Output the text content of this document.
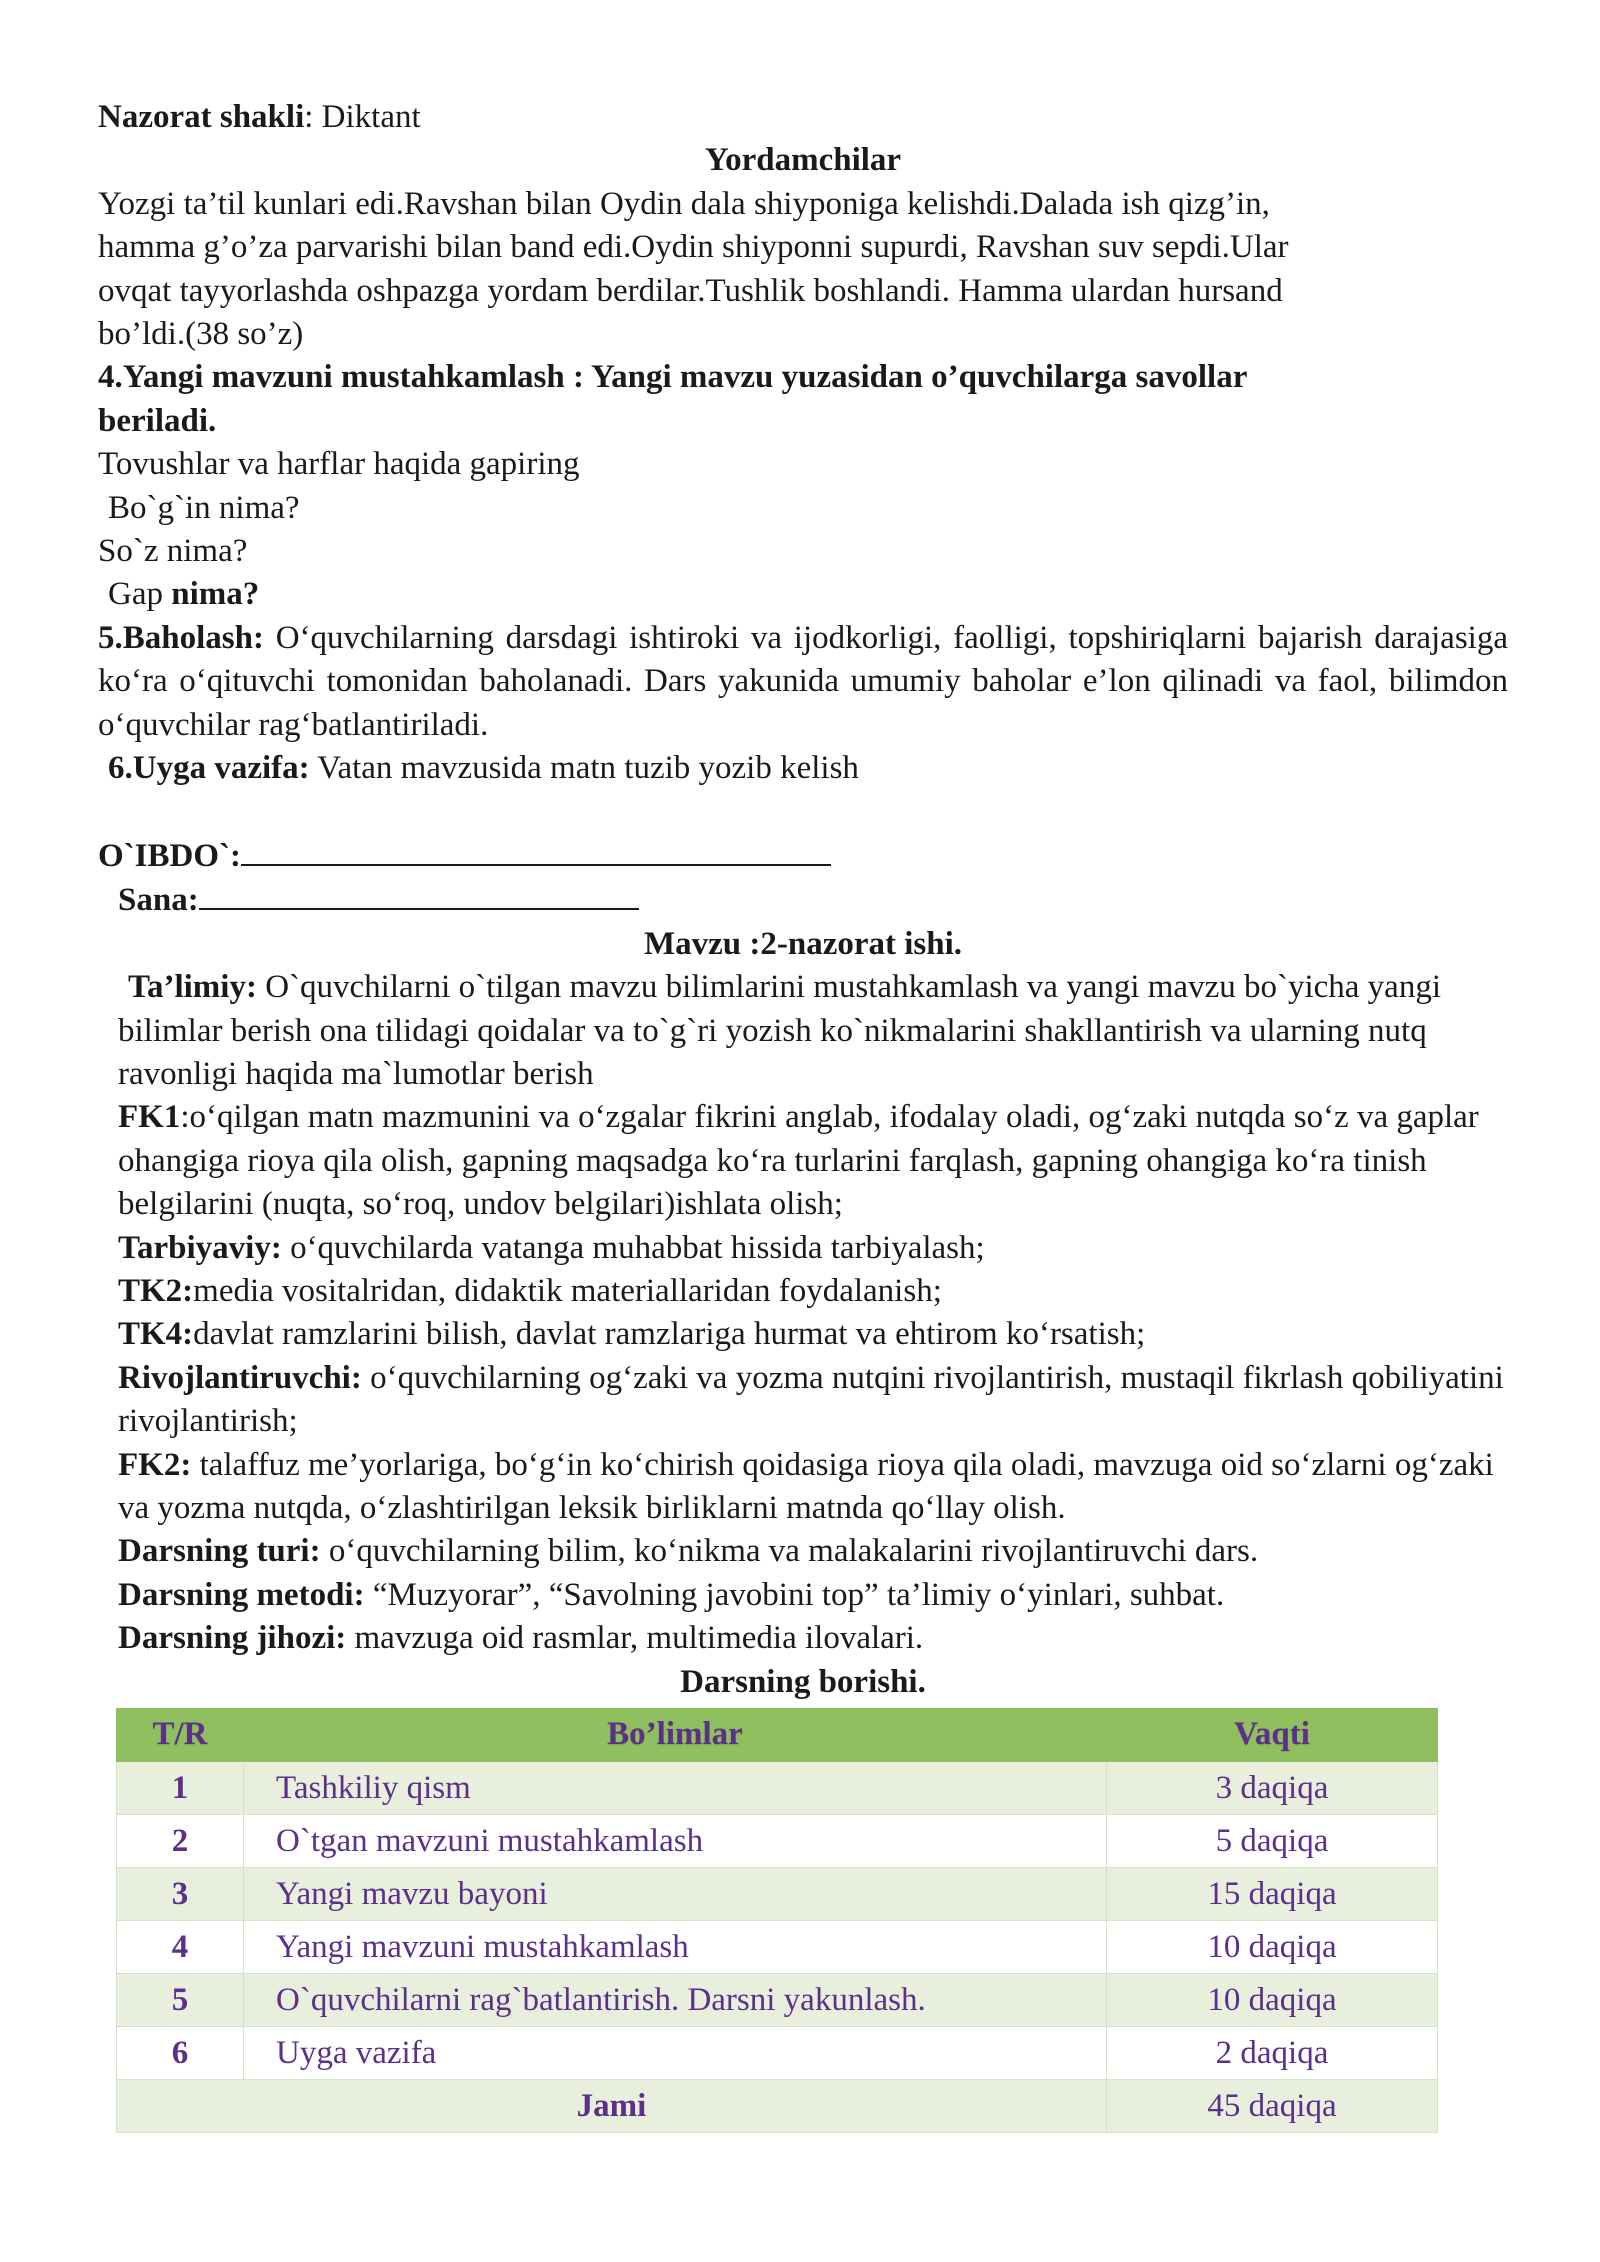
Nazorat shakli: Diktant
Yordamchilar
Yozgi ta’til kunlari edi.Ravshan bilan Oydin dala shiyponiga kelishdi.Dalada ish qizg’in,
hamma g’o’za parvarishi bilan band edi.Oydin shiyponni supurdi, Ravshan suv sepdi.Ular
ovqat tayyorlashda oshpazga yordam berdilar.Tushlik boshlandi. Hamma ulardan hursand
bo’ldi.(38 so’z)
4.Yangi mavzuni mustahkamlash : Yangi mavzu yuzasidan o’quvchilarga savollar
beriladi.
Tovushlar va harflar haqida gapiring
Bo`g`in nima?
So`z nima?
Gap nima?
5.Baholash: O‘quvchilarning darsdagi ishtiroki va ijodkorligi, faolligi, topshiriqlarni bajarish darajasiga ko‘ra o‘qituvchi tomonidan baholanadi. Dars yakunida umumiy baholar e’lon qilinadi va faol, bilimdon o‘quvchilar rag‘batlantiriladi.
6.Uyga vazifa: Vatan mavzusida matn tuzib yozib kelish
O`IBDO`:
Sana:
Mavzu :2-nazorat ishi.
Ta’limiy: O`quvchilarni o`tilgan mavzu bilimlarini mustahkamlash va yangi mavzu bo`yicha yangi bilimlar berish ona tilidagi qoidalar va to`g`ri yozish ko`nikmalarini shakllantirish va ularning nutq ravonligi haqida ma`lumotlar berish
FK1:o‘qilgan matn mazmunini va o‘zgalar fikrini anglab, ifodalay oladi, og‘zaki nutqda so‘z va gaplar ohangiga rioya qila olish, gapning maqsadga ko‘ra turlarini farqlash, gapning ohangiga ko‘ra tinish belgilarini (nuqta, so‘roq, undov belgilari)ishlata olish;
Tarbiyaviy: o‘quvchilarda vatanga muhabbat hissida tarbiyalash;
TK2:media vositalridan, didaktik materiallaridan foydalanish;
TK4:davlat ramzlarini bilish, davlat ramzlariga hurmat va ehtirom ko‘rsatish;
Rivojlantiruvchi: o‘quvchilarning og‘zaki va yozma nutqini rivojlantirish, mustaqil fikrlash qobiliyatini rivojlantirish;
FK2: talaffuz me’yorlariga, bo‘g‘in ko‘chirish qoidasiga rioya qila oladi, mavzuga oid so‘zlarni og‘zaki va yozma nutqda, o‘zlashtirilgan leksik birliklarni matnda qo‘llay olish.
Darsning turi: o‘quvchilarning bilim, ko‘nikma va malakalarini rivojlantiruvchi dars.
Darsning metodi: “Muzyorar”, “Savolning javobini top” ta’limiy o‘yinlari, suhbat.
Darsning jihozi: mavzuga oid rasmlar, multimedia ilovalari.
Darsning borishi.
T/R	Bo’limlar	Vaqti
1	Tashkiliy qism	3 daqiqa
2	O`tgan mavzuni mustahkamlash	5 daqiqa
3	Yangi mavzu bayoni	15 daqiqa
4	Yangi mavzuni mustahkamlash	10 daqiqa
5	O`quvchilarni rag`batlantirish. Darsni yakunlash.	10 daqiqa
6	Uyga vazifa	2 daqiqa
Jami		45 daqiqa
